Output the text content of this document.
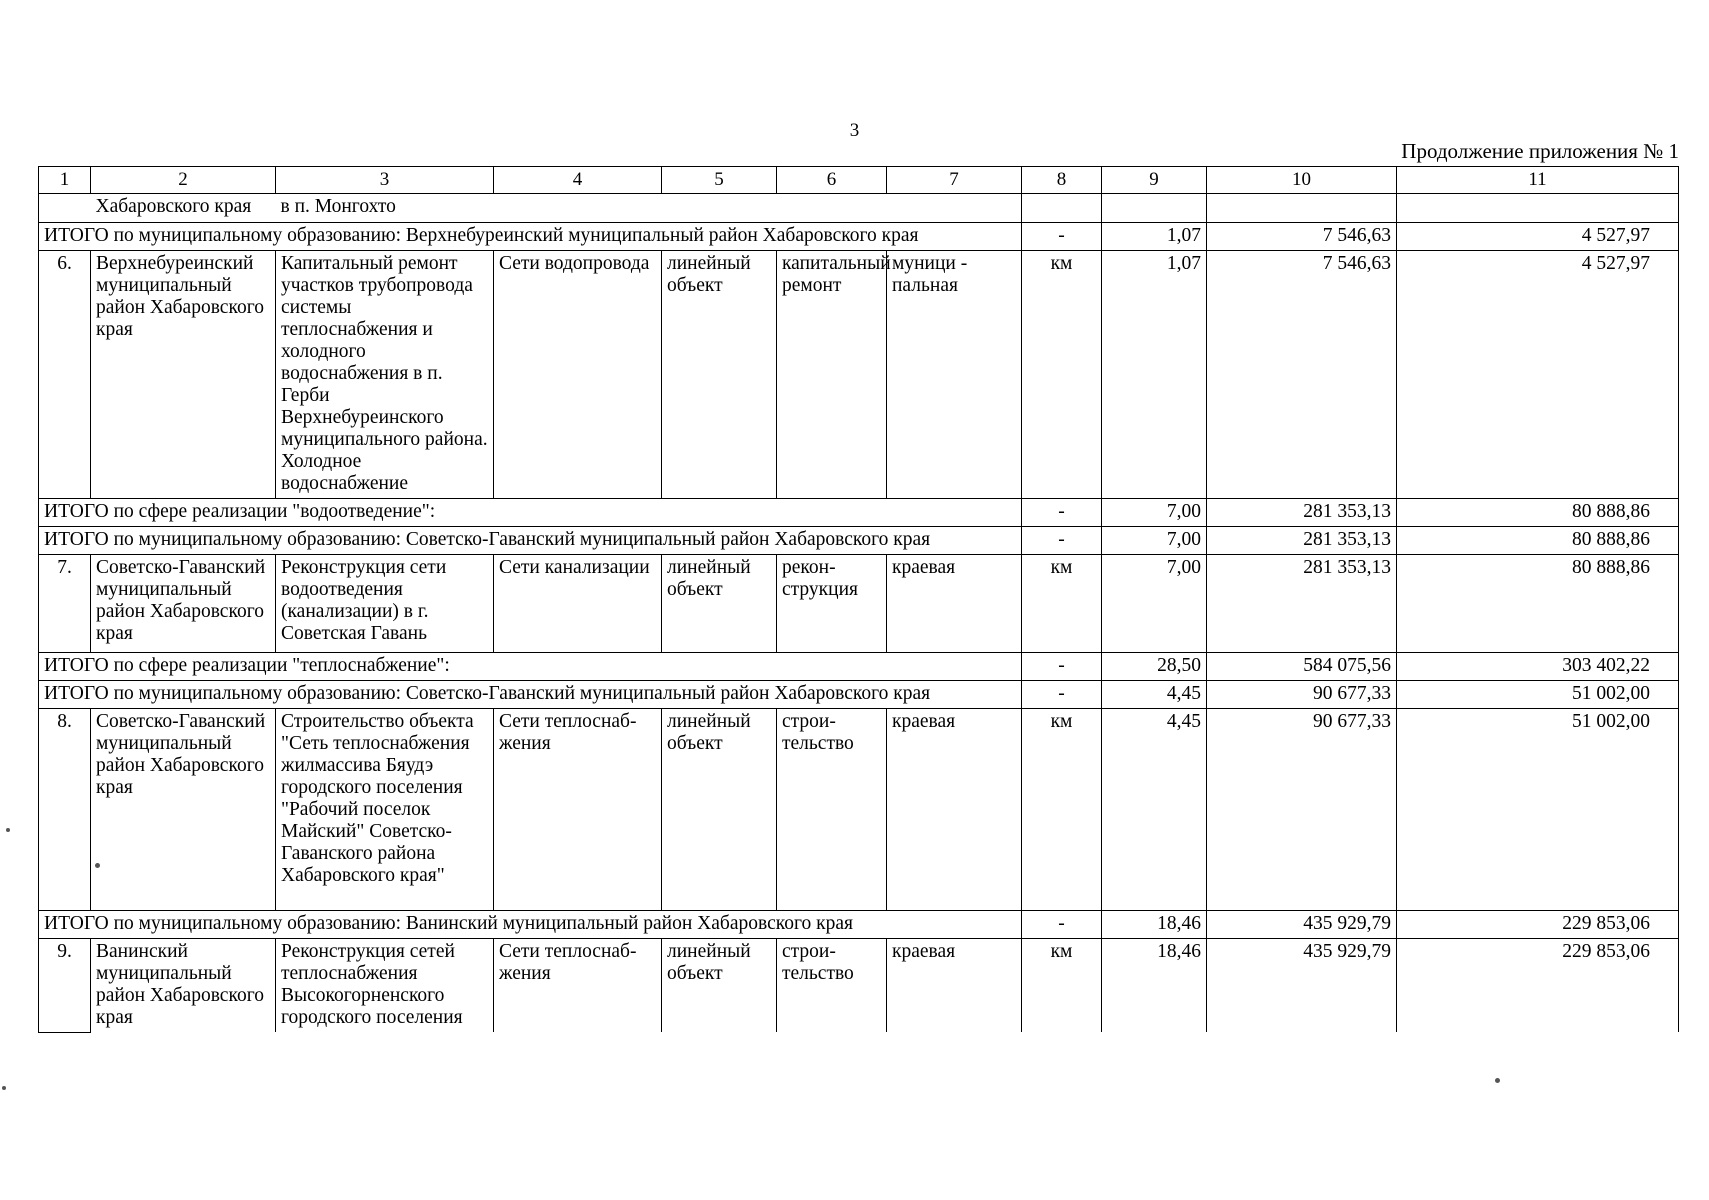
3
Продолжение приложения № 1
1	2	3	4	5	6	7	8	9	10	11
	Хабаровского края	в п. Монгохто								
ИТОГО по муниципальному образованию: Верхнебуреинский муниципальный район Хабаровского края							-	1,07	7 546,63	4 527,97
6.	Верхнебуреинский муниципальный район Хабаровского края	Капитальный ремонт участков трубопровода системы теплоснабжения и холодного водоснабжения в п. Герби Верхнебуреинского муниципального района. Холодное водоснабжение	Сети водопровода	линейный объект	капитальный ремонт	муници - пальная	км	1,07	7 546,63	4 527,97
ИТОГО по сфере реализации "водоотведение":							-	7,00	281 353,13	80 888,86
ИТОГО по муниципальному образованию: Советско-Гаванский муниципальный район Хабаровского края							-	7,00	281 353,13	80 888,86
7.	Советско-Гаванский муниципальный район Хабаровского края	Реконструкция сети водоотведения (канализации) в г. Советская Гавань	Сети канализации	линейный объект	рекон- струкция	краевая	км	7,00	281 353,13	80 888,86
ИТОГО по сфере реализации "теплоснабжение":							-	28,50	584 075,56	303 402,22
ИТОГО по муниципальному образованию: Советско-Гаванский муниципальный район Хабаровского края							-	4,45	90 677,33	51 002,00
8.	Советско-Гаванский муниципальный район Хабаровского края	Строительство объекта "Сеть теплоснабжения жилмассива Бяудэ городского поселения "Рабочий поселок Майский" Советско-Гаванского района Хабаровского края"	Сети теплоснаб- жения	линейный объект	строи- тельство	краевая	км	4,45	90 677,33	51 002,00
ИТОГО по муниципальному образованию: Ванинский муниципальный район Хабаровского края							-	18,46	435 929,79	229 853,06
9.	Ванинский муниципальный район Хабаровского края	Реконструкция сетей теплоснабжения Высокогорненского городского поселения	Сети теплоснаб- жения	линейный объект	строи- тельство	краевая	км	18,46	435 929,79	229 853,06
